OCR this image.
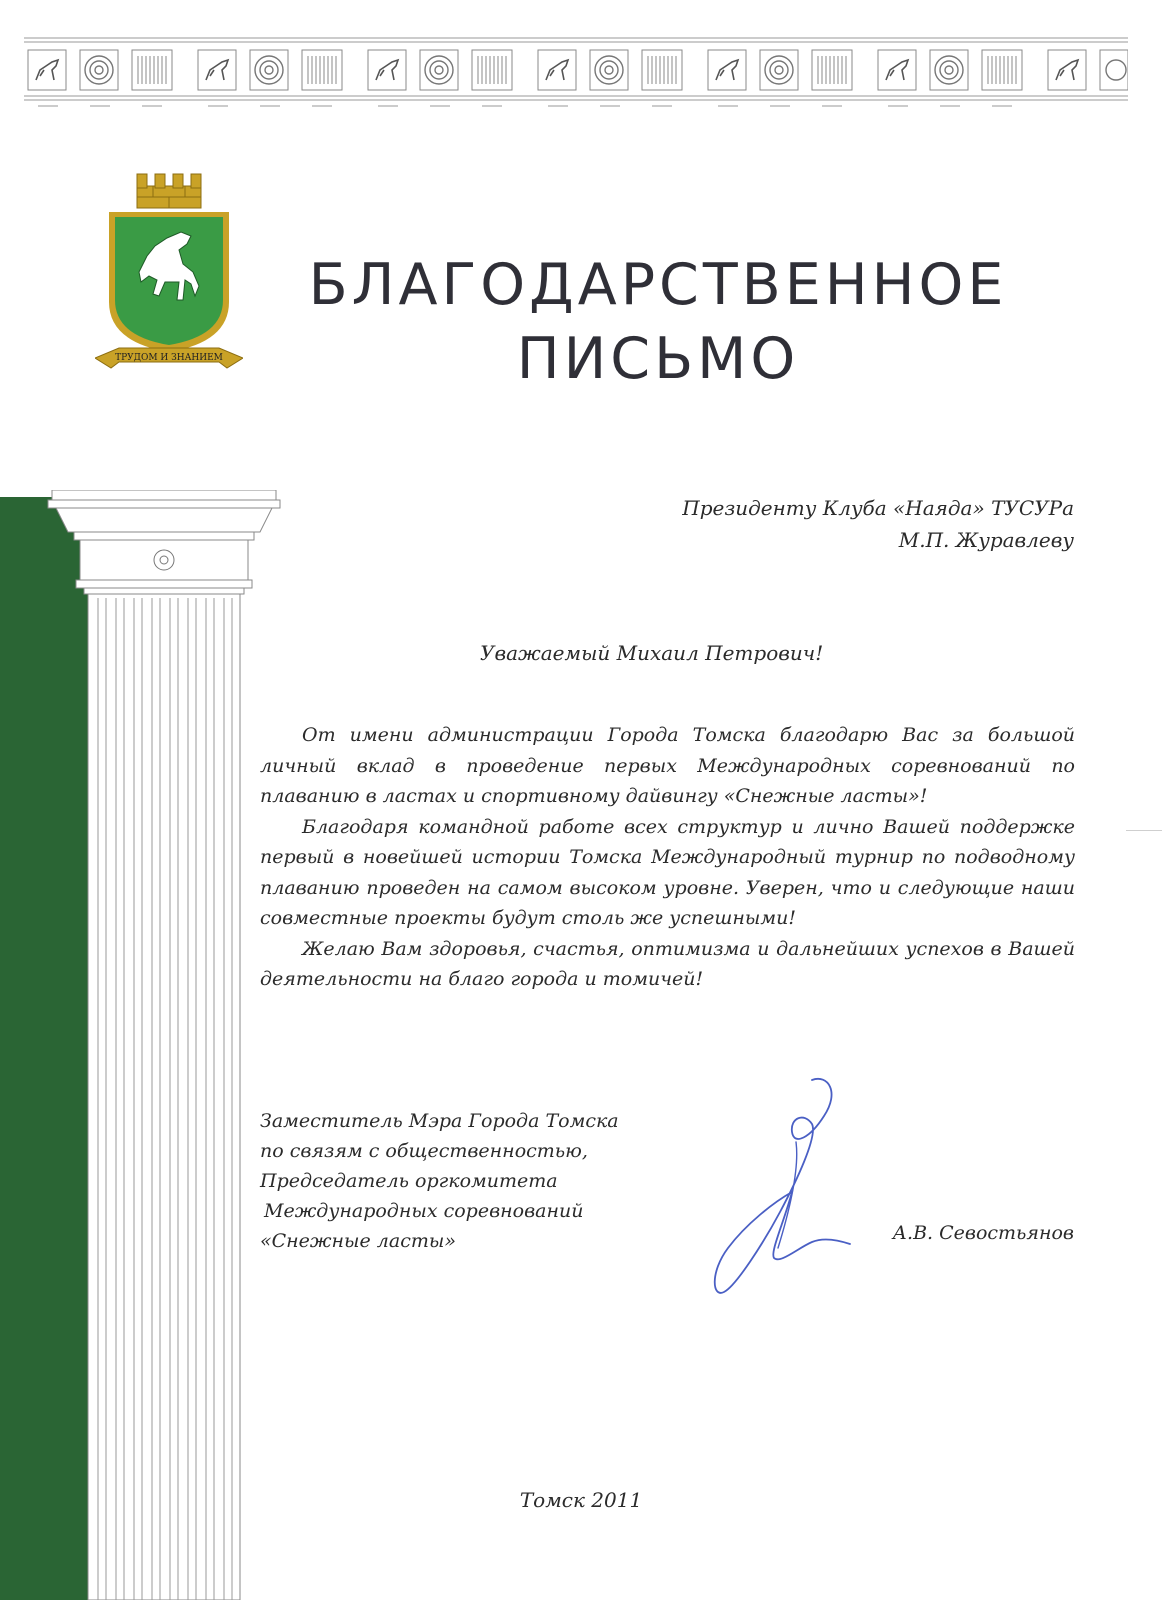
ТРУДОМ И ЗНАНИЕМ
БЛАГОДАРСТВЕННОЕ
ПИСЬМО
Президенту Клуба «Наяда» ТУСУРа
М.П. Журавлеву
Уважаемый Михаил Петрович!

От имени администрации Города Томска благодарю Вас за большой личный вклад в проведение первых Международных соревнований по плаванию в ластах и спортивному дайвингу «Снежные ласты»!

Благодаря командной работе всех структур и лично Вашей поддержке первый в новейшей истории Томска Международный турнир по подводному плаванию проведен на самом высоком уровне. Уверен, что и следующие наши совместные проекты будут столь же успешными!

Желаю Вам здоровья, счастья, оптимизма и дальнейших успехов в Вашей деятельности на благо города и томичей!

Заместитель Мэра Города Томска
по связям с общественностью,
Председатель оргкомитета
Международных соревнований
«Снежные ласты»	А.В. Севостьянов
Томск 2011
